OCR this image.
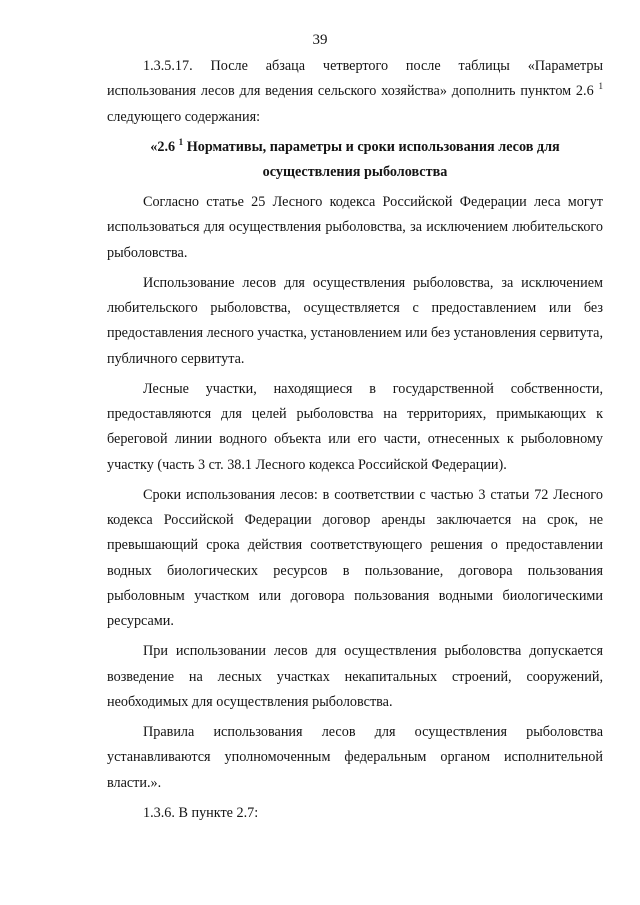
39

1.3.5.17. После абзаца четвертого после таблицы «Параметры использования лесов для ведения сельского хозяйства» дополнить пунктом 2.6 $^1$ следующего содержания:

«2.6 $^1$ Нормативы, параметры и сроки использования лесов для осуществления рыболовства

Согласно статье 25 Лесного кодекса Российской Федерации леса могут использоваться для осуществления рыболовства, за исключением любительского рыболовства.

Использование лесов для осуществления рыболовства, за исключением любительского рыболовства, осуществляется с предоставлением или без предоставления лесного участка, установлением или без установления сервитута, публичного сервитута.

Лесные участки, находящиеся в государственной собственности, предоставляются для целей рыболовства на территориях, примыкающих к береговой линии водного объекта или его части, отнесенных к рыболовному участку (часть 3 ст. 38.1 Лесного кодекса Российской Федерации).

Сроки использования лесов: в соответствии с частью 3 статьи 72 Лесного кодекса Российской Федерации договор аренды заключается на срок, не превышающий срока действия соответствующего решения о предоставлении водных биологических ресурсов в пользование, договора пользования рыболовным участком или договора пользования водными биологическими ресурсами.

При использовании лесов для осуществления рыболовства допускается возведение на лесных участках некапитальных строений, сооружений, необходимых для осуществления рыболовства.

Правила использования лесов для осуществления рыболовства устанавливаются уполномоченным федеральным органом исполнительной власти.».

1.3.6. В пункте 2.7:
